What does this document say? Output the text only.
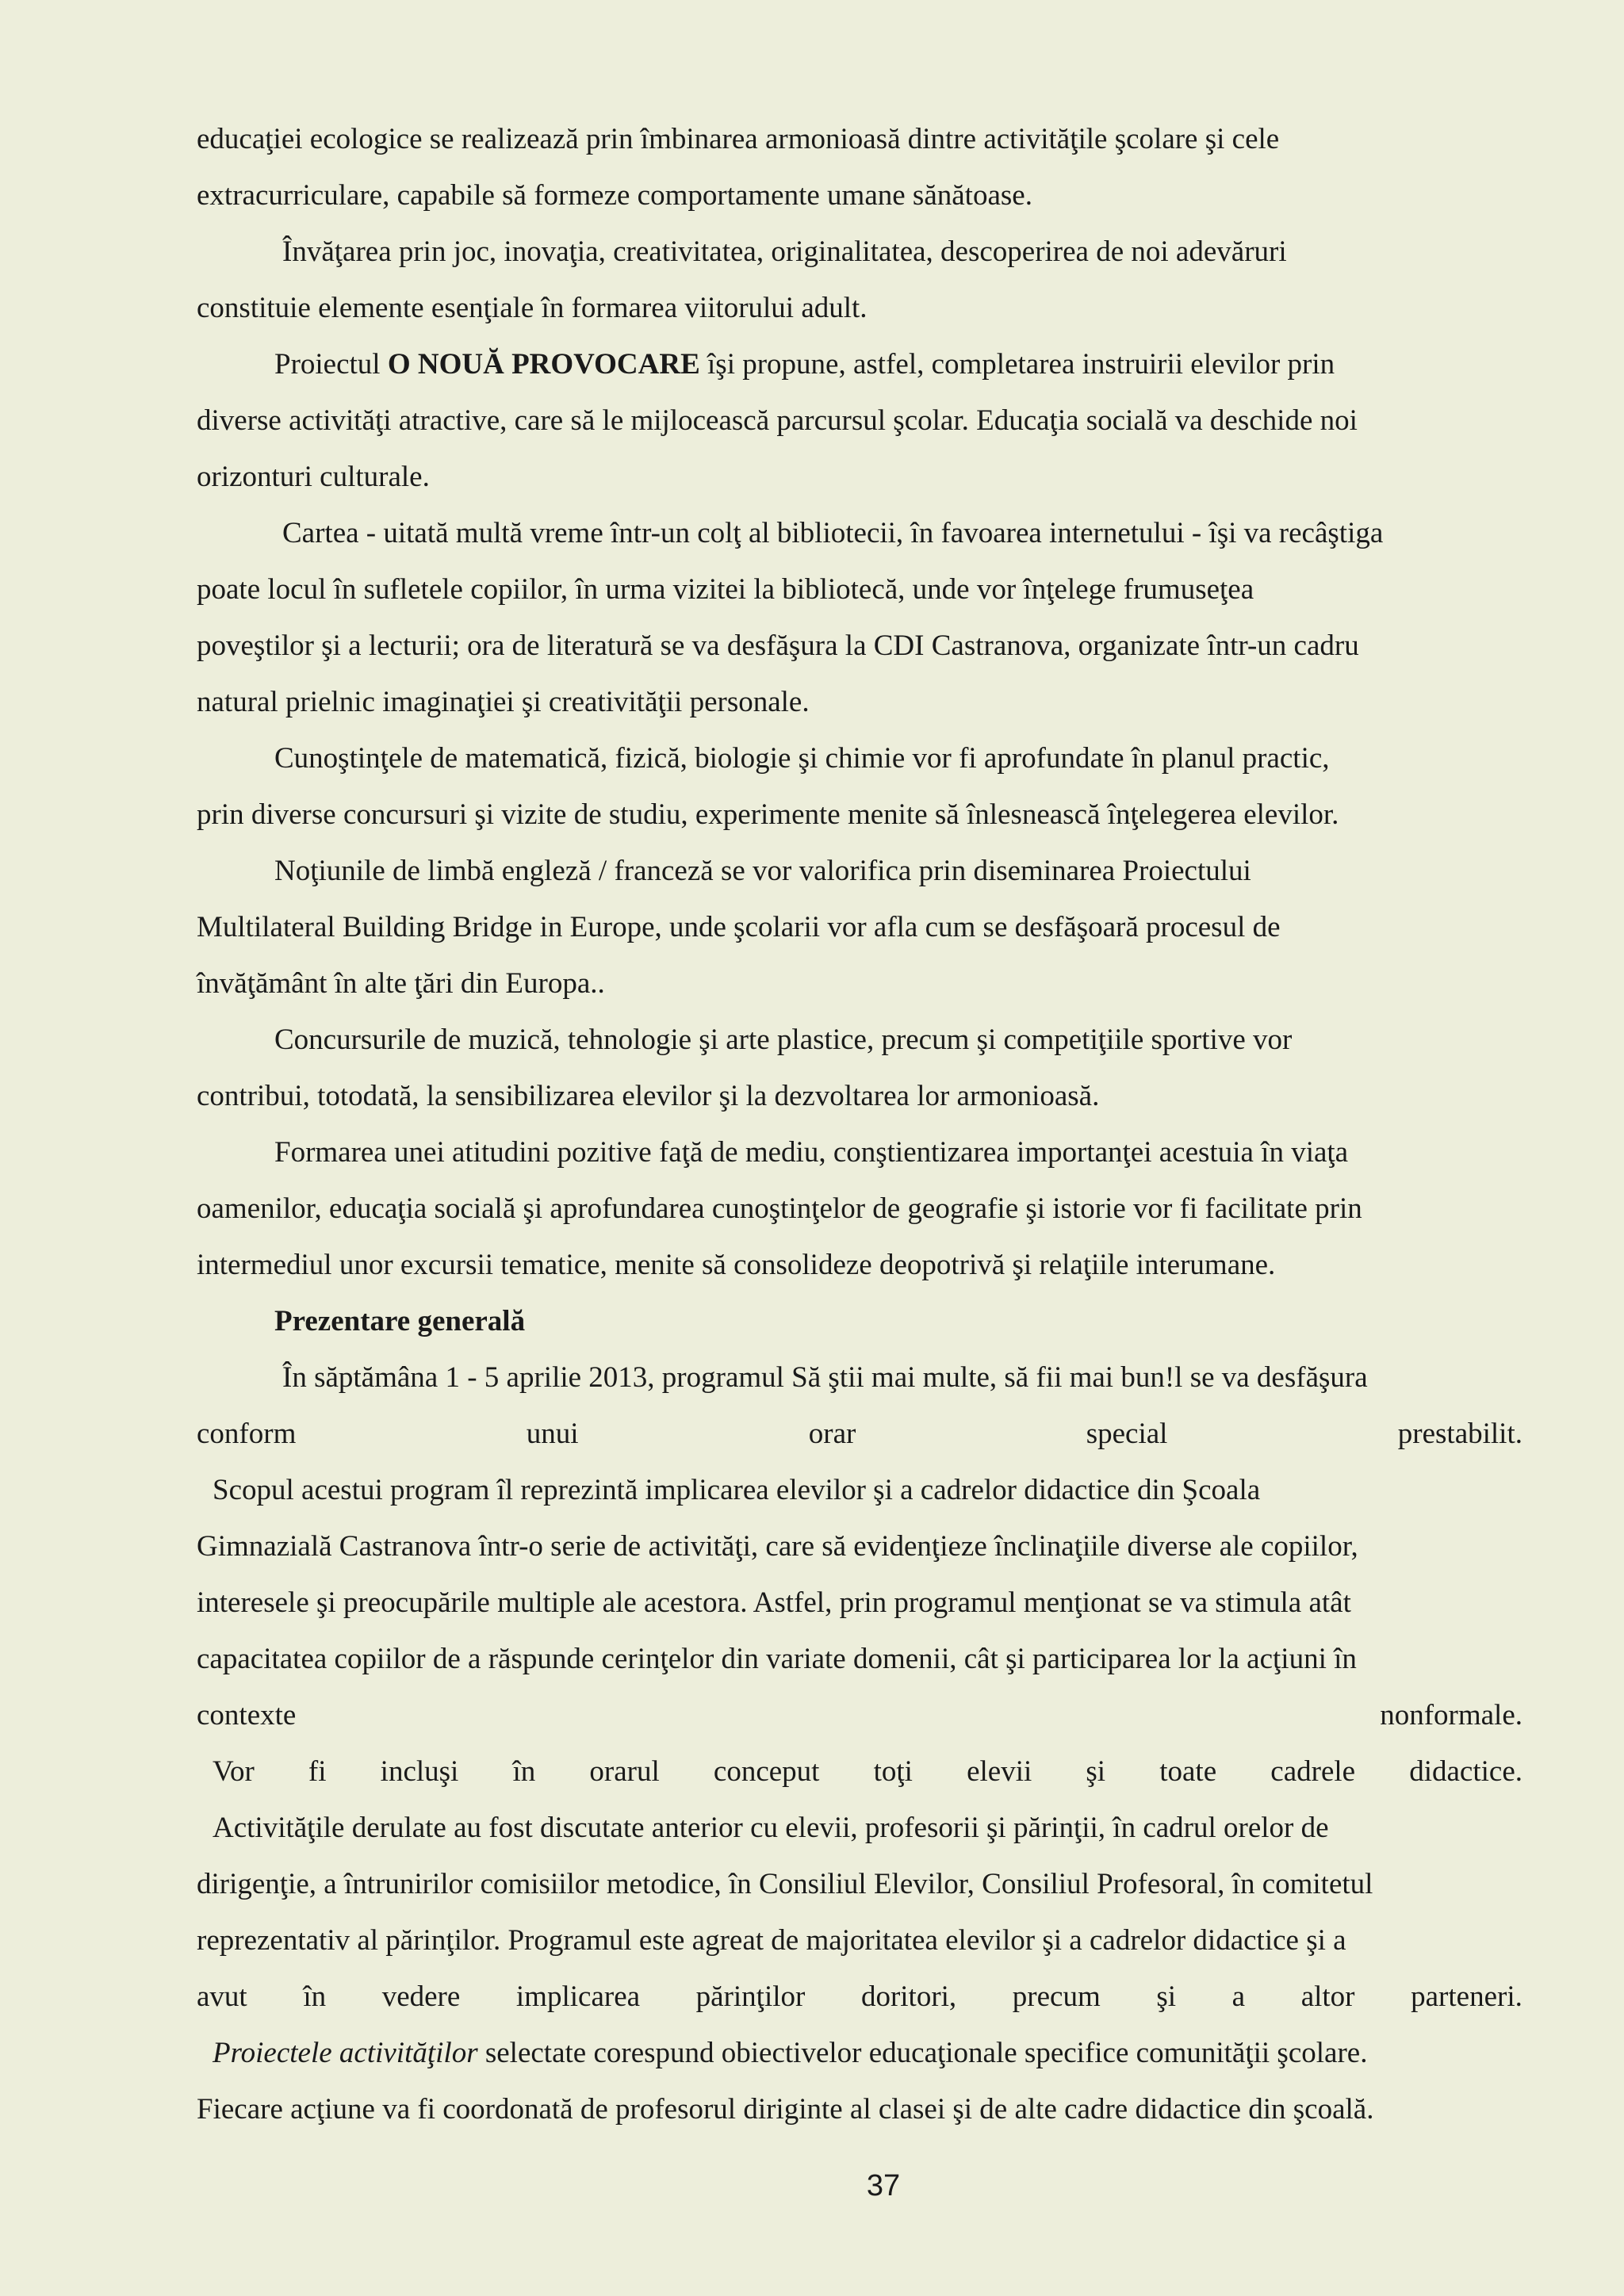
educaţiei ecologice se realizează prin îmbinarea armonioasă dintre activităţile şcolare şi cele

extracurriculare, capabile să formeze comportamente umane sănătoase.

Învăţarea prin joc, inovaţia, creativitatea, originalitatea, descoperirea de noi adevăruri

constituie elemente esenţiale în formarea viitorului adult.

Proiectul O NOUĂ PROVOCARE îşi propune, astfel, completarea instruirii elevilor prin

diverse activităţi atractive, care să le mijlocească parcursul şcolar. Educaţia socială va deschide noi

orizonturi culturale.

Cartea - uitată multă vreme într-un colţ al bibliotecii, în favoarea internetului - îşi va recâştiga

poate locul în sufletele copiilor, în urma vizitei la bibliotecă, unde vor înţelege frumuseţea

poveştilor şi a lecturii; ora de literatură se va desfăşura la CDI Castranova, organizate într-un cadru

natural prielnic imaginaţiei şi creativităţii personale.

Cunoştinţele de matematică, fizică, biologie şi chimie vor fi aprofundate în planul practic,

prin diverse concursuri şi vizite de studiu, experimente menite să înlesnească înţelegerea elevilor.

Noţiunile de limbă engleză / franceză se vor valorifica prin diseminarea Proiectului

Multilateral Building Bridge in Europe, unde şcolarii vor afla cum se desfăşoară procesul de

învăţământ în alte ţări din Europa..

Concursurile de muzică, tehnologie şi arte plastice, precum şi competiţiile sportive vor

contribui, totodată, la sensibilizarea elevilor şi la dezvoltarea lor armonioasă.

Formarea unei atitudini pozitive faţă de mediu, conştientizarea importanţei acestuia în viaţa

oamenilor, educaţia socială şi aprofundarea cunoştinţelor de geografie şi istorie vor fi facilitate prin

intermediul unor excursii tematice, menite să consolideze deopotrivă şi relaţiile interumane.

Prezentare generală

În săptămâna 1 - 5 aprilie 2013, programul Să ştii mai multe, să fii mai bun!l se va desfăşura

conform	unui	orar	special	prestabilit.

Scopul acestui program îl reprezintă implicarea elevilor şi a cadrelor didactice din Şcoala

Gimnazială Castranova într-o serie de activităţi, care să evidenţieze înclinaţiile diverse ale copiilor,

interesele şi preocupările multiple ale acestora. Astfel, prin programul menţionat se va stimula atât

capacitatea copiilor de a răspunde cerinţelor din variate domenii, cât şi participarea lor la acţiuni în

contexte	nonformale.

Vor fi incluşi în orarul conceput toţi elevii şi toate cadrele didactice.

Activităţile derulate au fost discutate anterior cu elevii, profesorii şi părinţii, în cadrul orelor de

dirigenţie, a întrunirilor comisiilor metodice, în Consiliul Elevilor, Consiliul Profesoral, în comitetul

reprezentativ al părinţilor. Programul este agreat de majoritatea elevilor şi a cadrelor didactice şi a

avut în vedere implicarea părinţilor doritori, precum şi a altor parteneri.

Proiectele activităţilor selectate corespund obiectivelor educaţionale specifice comunităţii şcolare.

Fiecare acţiune va fi coordonată de profesorul diriginte al clasei şi de alte cadre didactice din şcoală.

37
